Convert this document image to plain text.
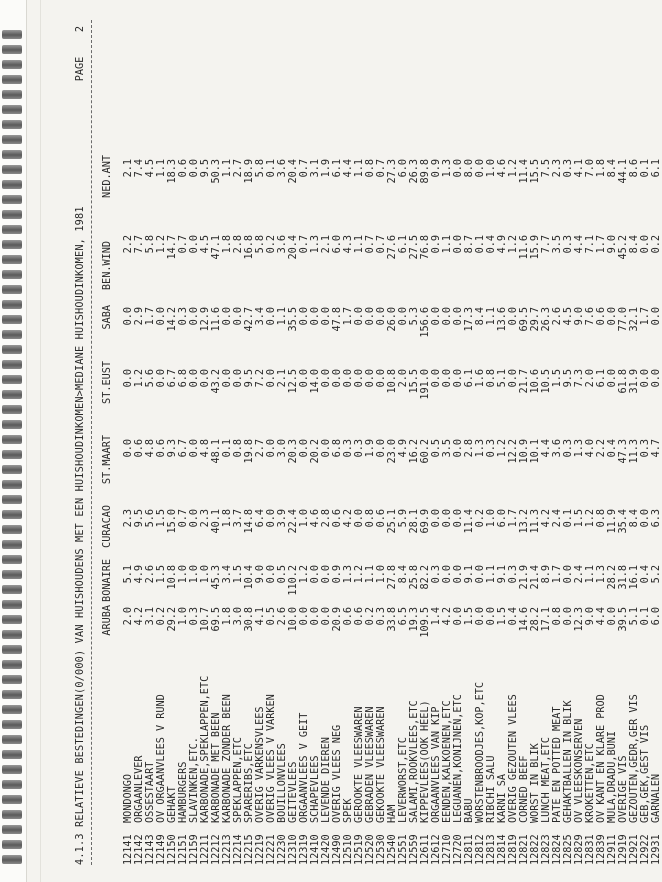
4.1.3 RELATIEVE BESTEDINGEN(0/000) VAN HUISHOUDENS MET EEN HUISHOUDINKOMEN>MEDIANE HUISHOUDINKOMEN, 1981
PAGE    2
ARUBA
BONAIRE
CURACAO
ST.MAART
ST.EUST
SABA
BEN.WIND
NED.ANT
12141
MONDONGO
2.0
5.1
2.3
0.0
0.0
0.0
2.2
2.1
12142
ORGAANLEVER
4.2
4.9
9.5
0.6
1.2
2.9
7.7
7.4
12143
OSSESTAART
3.1
2.6
5.6
4.8
5.6
1.7
5.8
4.5
12149
OV ORGAANVLEES V RUND
0.2
1.5
1.5
0.6
0.0
0.0
1.2
1.1
12150
GEHAKT
29.2
10.8
15.0
9.3
6.7
14.2
14.7
18.3
12151
HAMBURGERS
1.0
1.0
0.7
6.7
6.8
0.3
0.7
0.6
12159
SLAVINKEN,ETC.
0.3
1.0
0.0
0.0
0.0
0.0
0.0
0.0
12211
KARBONADE,SPEKLAPPEN,ETC
10.7
1.0
2.3
4.8
0.0
12.9
4.5
9.5
12212
KARBONADE MET BEEN
69.5
45.3
40.1
48.1
43.2
11.6
47.1
50.3
12213
KARBONADE ZONDER BEEN
1.8
3.4
1.8
0.1
0.0
0.0
1.8
1.1
12214
SPEKLAPPEN,ETC
3.0
1.5
3.7
0.8
0.0
0.0
2.8
2.7
12215
SPARERIBS,ETC
30.8
10.4
14.8
19.8
9.5
42.7
16.8
18.9
12219
OVERIG VARKENSVLEES
4.1
9.0
6.4
2.7
7.2
3.4
5.8
5.8
12221
OVERIG VLEES V VARKEN
0.5
0.0
0.0
0.0
0.0
0.0
0.2
0.1
12230
BOUILLONVLEES
2.6
0.5
3.9
3.0
2.1
1.1
3.6
3.6
12310
GEITEVLEES
10.0
110.2
22.4
20.3
12.5
35.5
20.4
20.4
12319
ORGAANVLEES V GEIT
0.0
1.2
1.0
0.0
0.0
0.0
0.7
0.7
12410
SCHAPEVLEES
0.0
0.0
4.6
20.2
14.0
0.0
1.3
3.1
12420
LEVENDE DIEREN
0.0
0.0
2.8
0.0
0.0
0.0
2.1
1.9
12490
OVERIG VLEES NEG
20.9
0.9
0.6
6.8
0.0
47.8
6.0
6.1
12510
SPEK
0.6
1.3
4.2
0.3
0.0
1.7
4.3
4.4
12519
GEROOKTE VLEESWAREN
0.6
1.2
0.0
0.3
0.0
0.0
1.1
1.1
12520
GEBRADEN VLEESWAREN
0.2
1.1
0.8
1.9
0.0
0.0
0.7
0.8
12530
GEKOOKTE VLEESWAREN
0.3
1.0
0.6
0.0
0.0
0.0
0.7
0.7
12540
HAM
33.8
27.8
25.1
23.0
10.8
26.0
27.6
27.3
12551
LEVERWORST,ETC
6.5
8.4
5.9
4.9
2.0
0.0
6.1
6.0
12559
SALAMI,ROOKVLEES,ETC
19.3
25.8
28.1
16.2
15.5
5.3
27.5
26.3
12611
KIPPEVLEES(OOK HEEL)
109.5
82.2
69.9
60.2
191.0
156.6
76.8
89.8
12612
ORGAANVLEES VAN KIP
1.4
0.3
0.0
0.5
0.0
0.0
0.9
0.9
12710
EENDEN,KALKOENEN,ETC
4.2
0.0
0.0
3.5
0.0
0.0
1.1
1.3
12720
LEGUANEN,KONIJNEN,ETC
0.0
0.0
0.0
0.0
0.0
0.0
0.0
0.0
12811
BABU
1.5
9.1
11.4
2.8
6.1
17.3
8.7
8.0
12812
WORSTENBROODJES,KOP,ETC
0.0
0.0
0.2
1.3
1.6
8.4
0.1
0.0
12813
RIBCHI SALU
0.0
1.1
1.0
0.3
0.8
1.1
0.4
1.0
12814
KARNI SA
1.5
9.1
6.0
1.2
5.1
13.6
4.9
4.6
12819
OVERIG GEZOUTEN VLEES
0.4
0.3
1.7
12.2
0.0
0.0
1.2
1.2
12821
CORNED BEEF
14.6
21.9
13.2
10.9
21.7
69.5
11.6
11.4
12822
WORST IN BLIK
28.2
21.4
11.3
10.1
10.6
29.7
15.9
15.5
12823
LUNCH MEAT,ETC
17.1
8.9
4.2
4.4
10.5
26.3
7.7
7.5
12824
PATE EN POTTED MEAT
0.8
1.7
2.4
3.6
1.5
2.6
3.5
2.3
12825
GEHAKTBALLEN IN BLIK
0.0
0.0
0.1
0.3
9.5
4.5
0.3
0.3
12829
OV VLEESKONSERVEN
12.3
2.4
1.5
1.3
7.3
9.0
4.4
4.1
12831
KROKETTEN,ETC
9.0
1.1
1.2
4.0
2.0
7.6
7.1
7.0
12839
OV KANT EN KLARE PROD
4.4
1.3
0.8
2.2
6.1
0.6
1.7
1.8
12911
MULA,DRADU,BUNI
0.0
28.2
11.9
0.4
0.0
0.0
9.0
8.4
12919
OVERIGE VIS
39.5
31.8
35.4
47.3
61.8
77.0
45.2
44.1
12921
GEZOUTEN,GEDR,GER VIS
5.1
16.1
8.4
11.3
31.9
32.1
8.4
8.6
12922
GEB,GEK,GEST VIS
0.1
0.4
0.0
0.3
0.0
1.7
0.0
0.1
12931
GARNALEN
6.0
5.2
6.3
4.7
0.0
0.0
0.2
6.1
